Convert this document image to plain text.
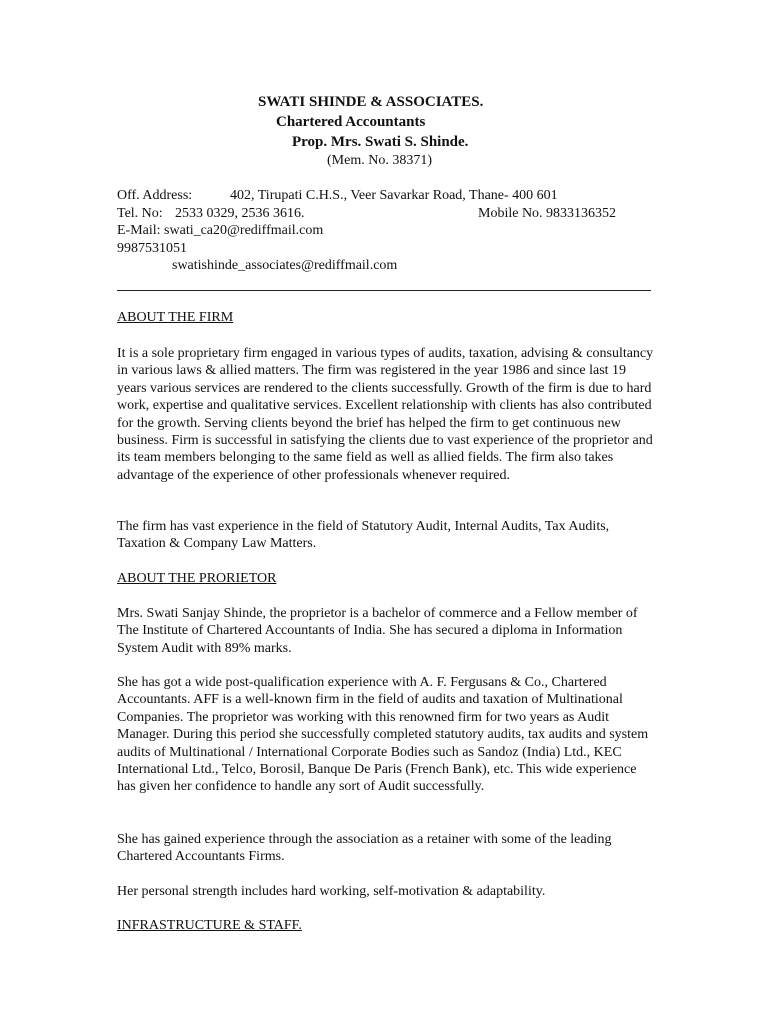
SWATI SHINDE & ASSOCIATES.
Chartered Accountants
Prop. Mrs. Swati S. Shinde.
(Mem. No. 38371)
Off. Address:	402, Tirupati C.H.S., Veer Savarkar Road, Thane- 400 601
Tel. No: 2533 0329, 2536 3616.	Mobile No. 9833136352
E-Mail: swati_ca20@rediffmail.com
9987531051
swatishinde_associates@rediffmail.com
ABOUT THE FIRM

It is a sole proprietary firm engaged in various types of audits, taxation, advising & consultancy in various laws & allied matters. The firm was registered in the year 1986 and since last 19 years various services are rendered to the clients successfully. Growth of the firm is due to hard work, expertise and qualitative services. Excellent relationship with clients has also contributed for the growth. Serving clients beyond the brief has helped the firm to get continuous new business. Firm is successful in satisfying the clients due to vast experience of the proprietor and its team members belonging to the same field as well as allied fields. The firm also takes advantage of the experience of other professionals whenever required.

The firm has vast experience in the field of Statutory Audit, Internal Audits, Tax Audits, Taxation & Company Law Matters.

ABOUT THE PRORIETOR

Mrs. Swati Sanjay Shinde, the proprietor is a bachelor of commerce and a Fellow member of The Institute of Chartered Accountants of India. She has secured a diploma in Information System Audit with 89% marks.

She has got a wide post-qualification experience with A. F. Fergusans & Co., Chartered Accountants. AFF is a well-known firm in the field of audits and taxation of Multinational Companies. The proprietor was working with this renowned firm for two years as Audit Manager. During this period she successfully completed statutory audits, tax audits and system audits of Multinational / International Corporate Bodies such as Sandoz (India) Ltd., KEC International Ltd., Telco, Borosil, Banque De Paris (French Bank), etc. This wide experience has given her confidence to handle any sort of Audit successfully.

She has gained experience through the association as a retainer with some of the leading Chartered Accountants Firms.

Her personal strength includes hard working, self-motivation & adaptability.

INFRASTRUCTURE & STAFF.
